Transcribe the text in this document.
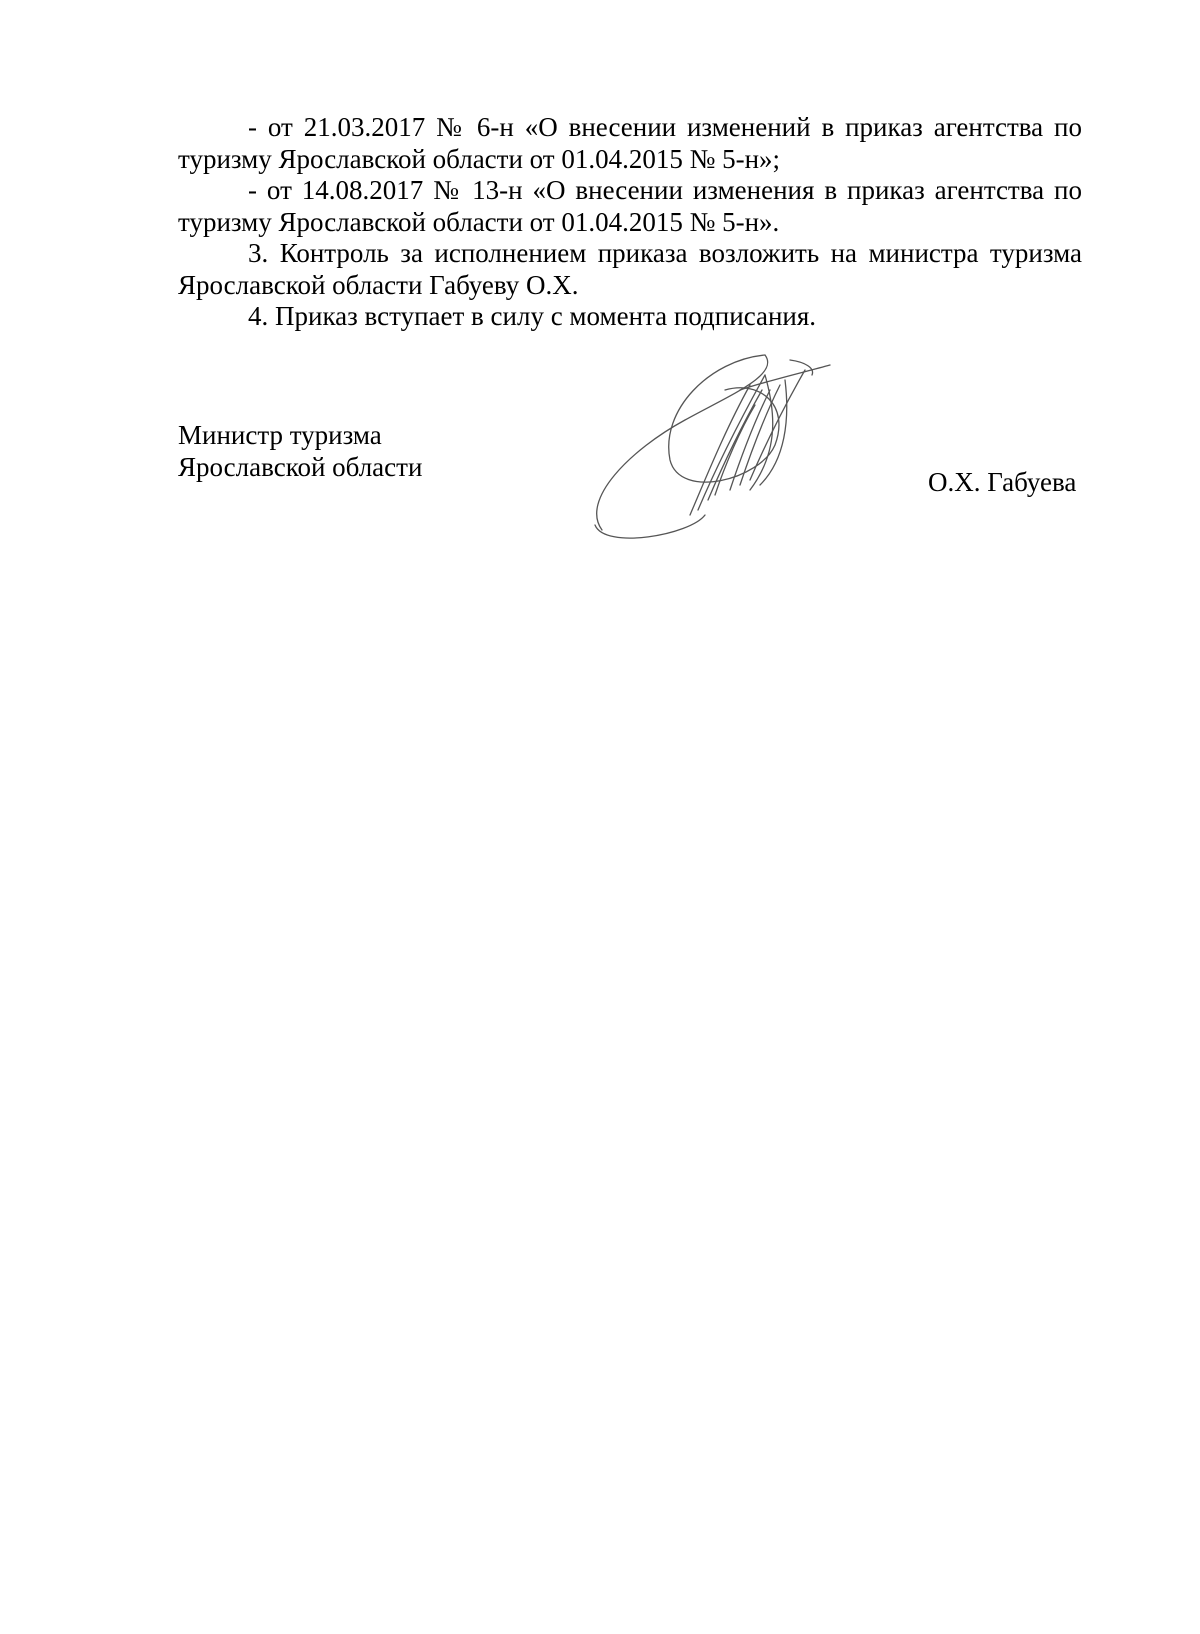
- от 21.03.2017 № 6-н «О внесении изменений в приказ агентства по туризму Ярославской области от 01.04.2015 № 5-н»;

- от 14.08.2017 № 13-н «О внесении изменения в приказ агентства по туризму Ярославской области от 01.04.2015 № 5-н».

3. Контроль за исполнением приказа возложить на министра туризма Ярославской области Габуеву О.Х.

4. Приказ вступает в силу с момента подписания.

Министр туризма
Ярославской области
О.Х. Габуева
